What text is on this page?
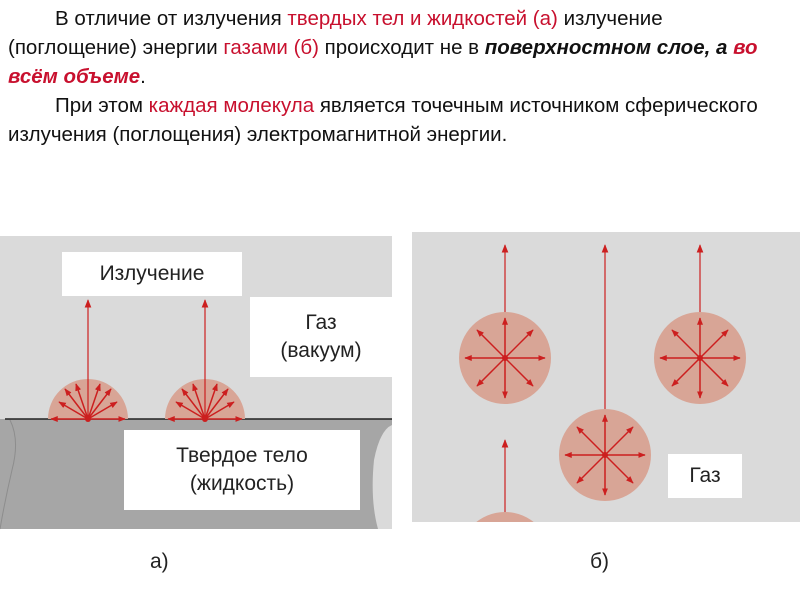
В отличие от излучения твердых тел и жидкостей (а) излучение (поглощение) энергии газами (б) происходит не в поверхностном слое, а во всём объеме.

При этом каждая молекула является точечным источником сферического излучения (поглощения) электромагнитной энергии.

Излучение
Газ
(вакуум)
Твердое тело
(жидкость)	Газ
а)	б)
